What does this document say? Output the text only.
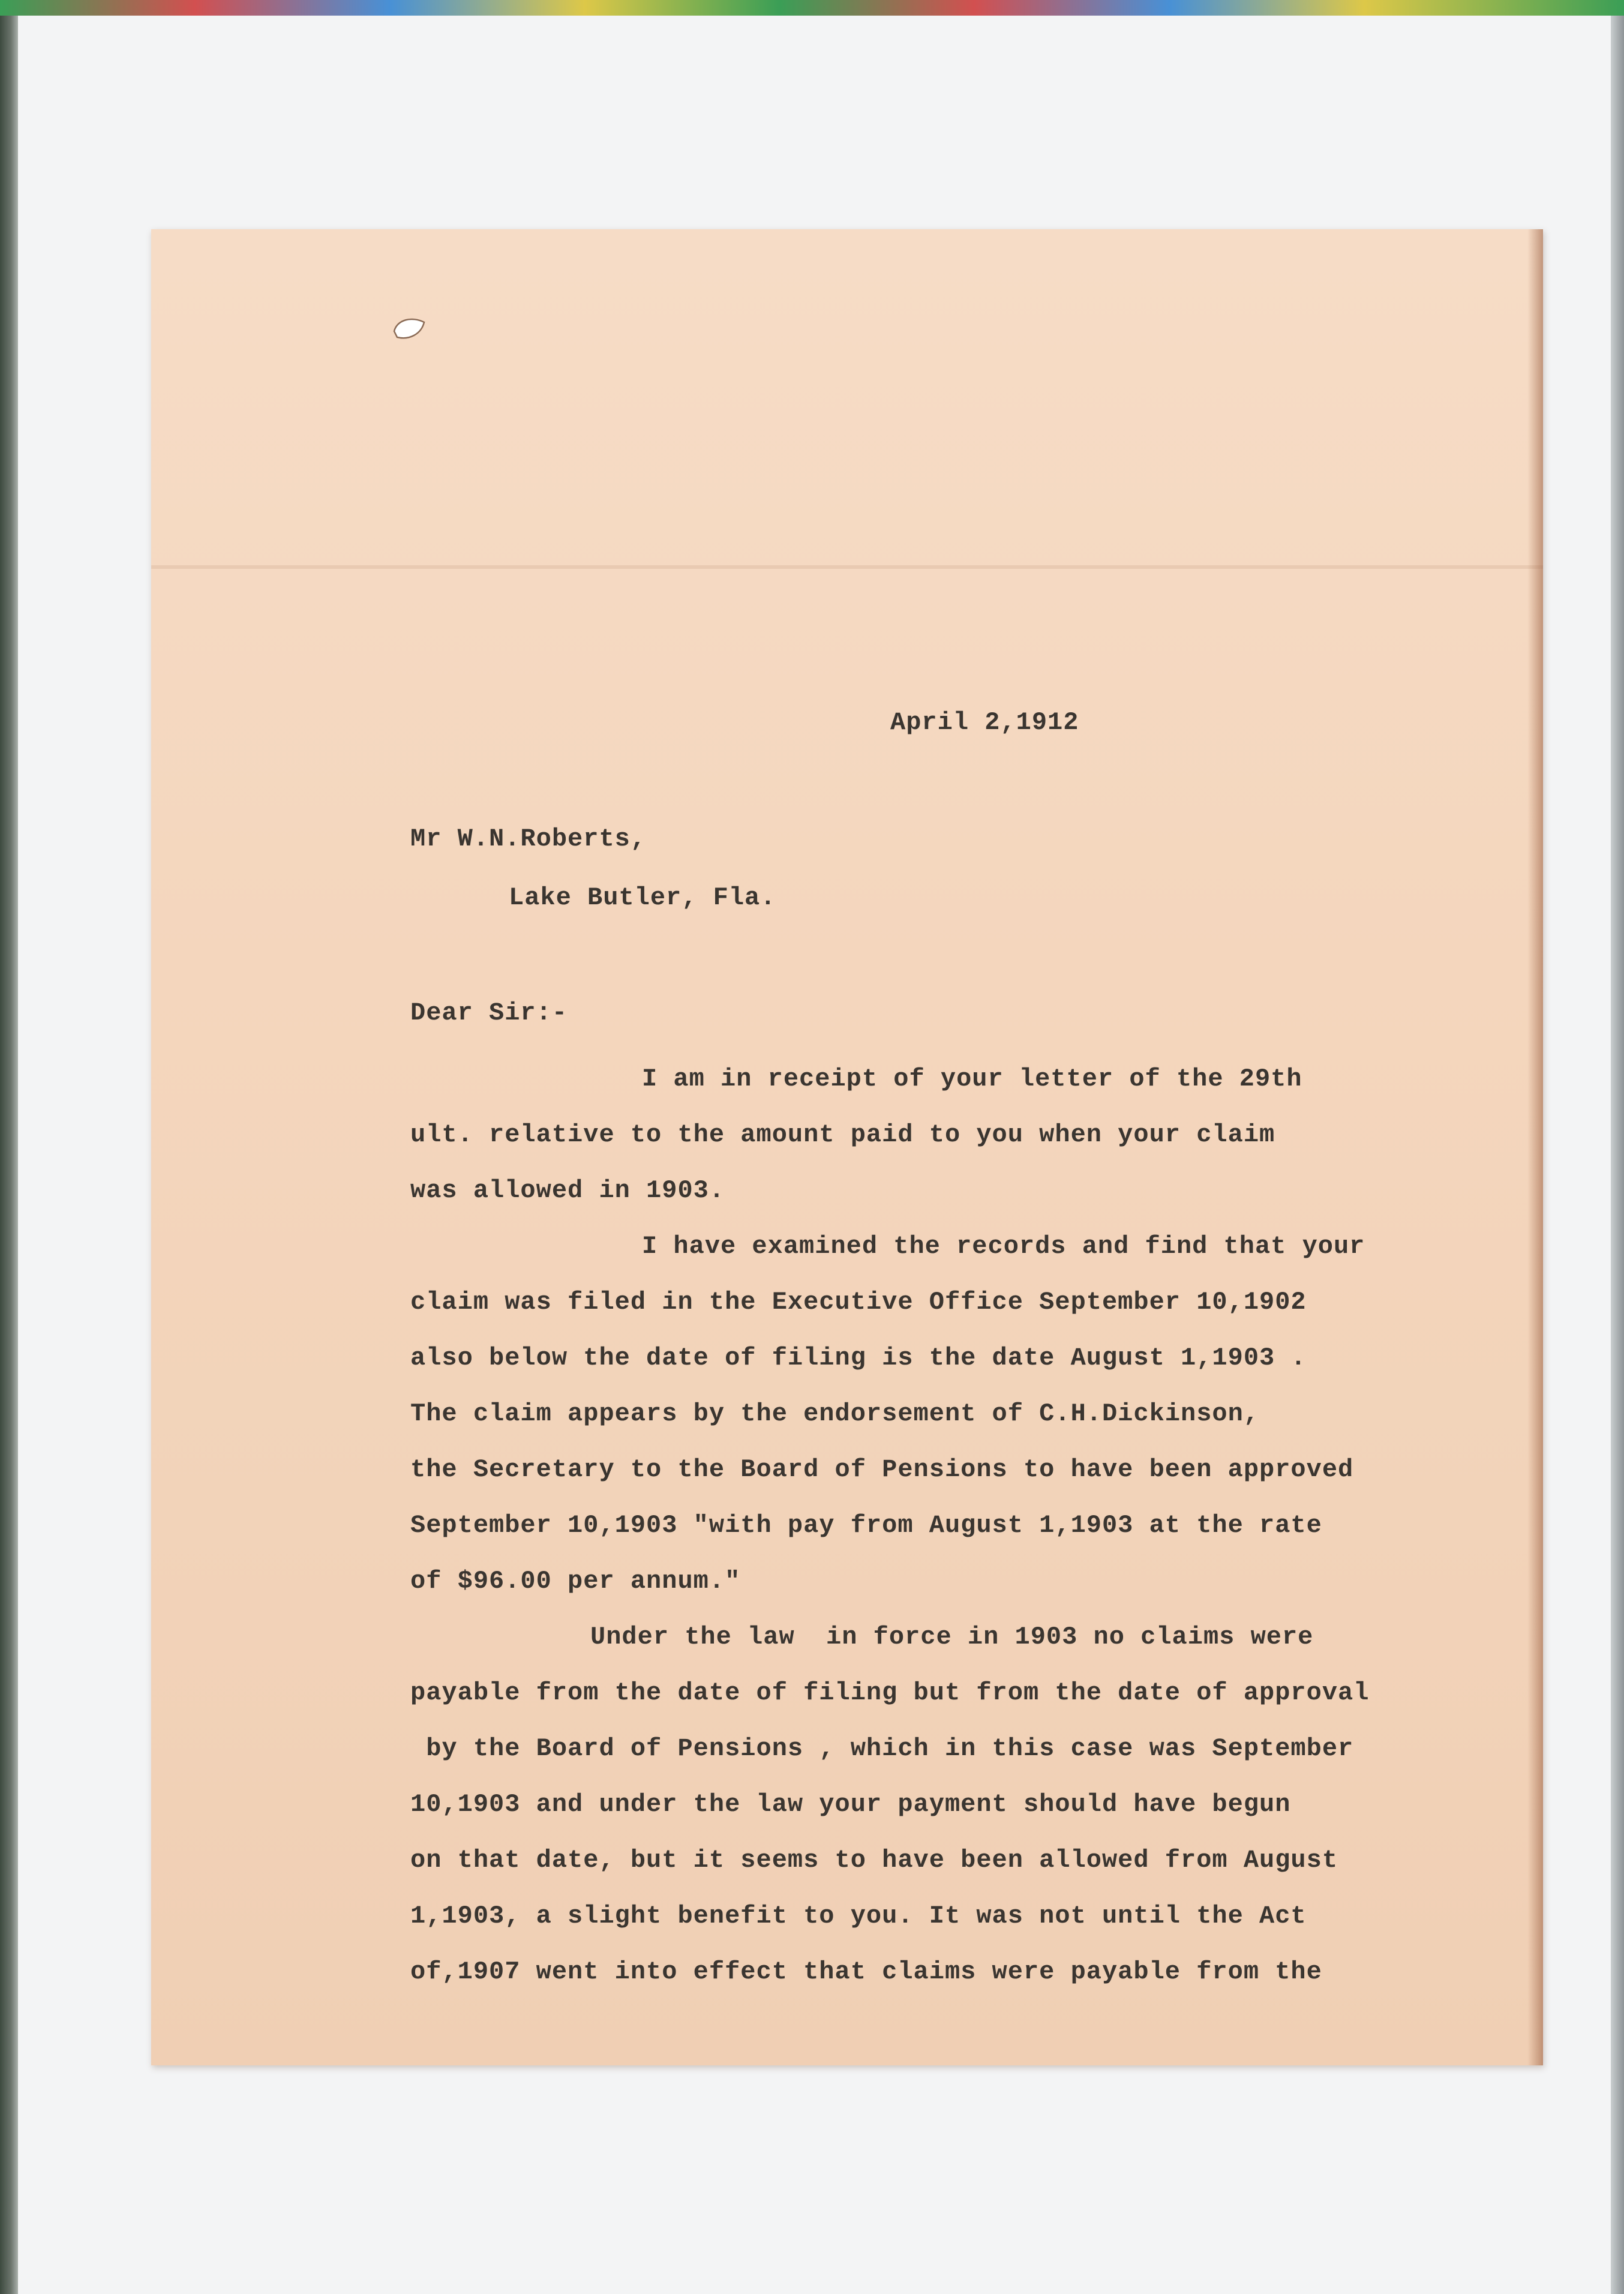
April 2,1912
Mr W.N.Roberts,
Lake Butler, Fla.
Dear Sir:-

I am in receipt of your letter of the 29th

ult. relative to the amount paid to you when your claim

was allowed in 1903.

I have examined the records and find that your

claim was filed in the Executive Office September 10,1902

also below the date of filing is the date August 1,1903 .

The claim appears by the endorsement of C.H.Dickinson,

the Secretary to the Board of Pensions to have been approved

September 10,1903 "with pay from August 1,1903 at the rate

of $96.00 per annum."

Under the law  in force in 1903 no claims were

payable from the date of filing but from the date of approval

by the Board of Pensions , which in this case was September

10,1903 and under the law your payment should have begun

on that date, but it seems to have been allowed from August

1,1903, a slight benefit to you. It was not until the Act

of,1907 went into effect that claims were payable from the
